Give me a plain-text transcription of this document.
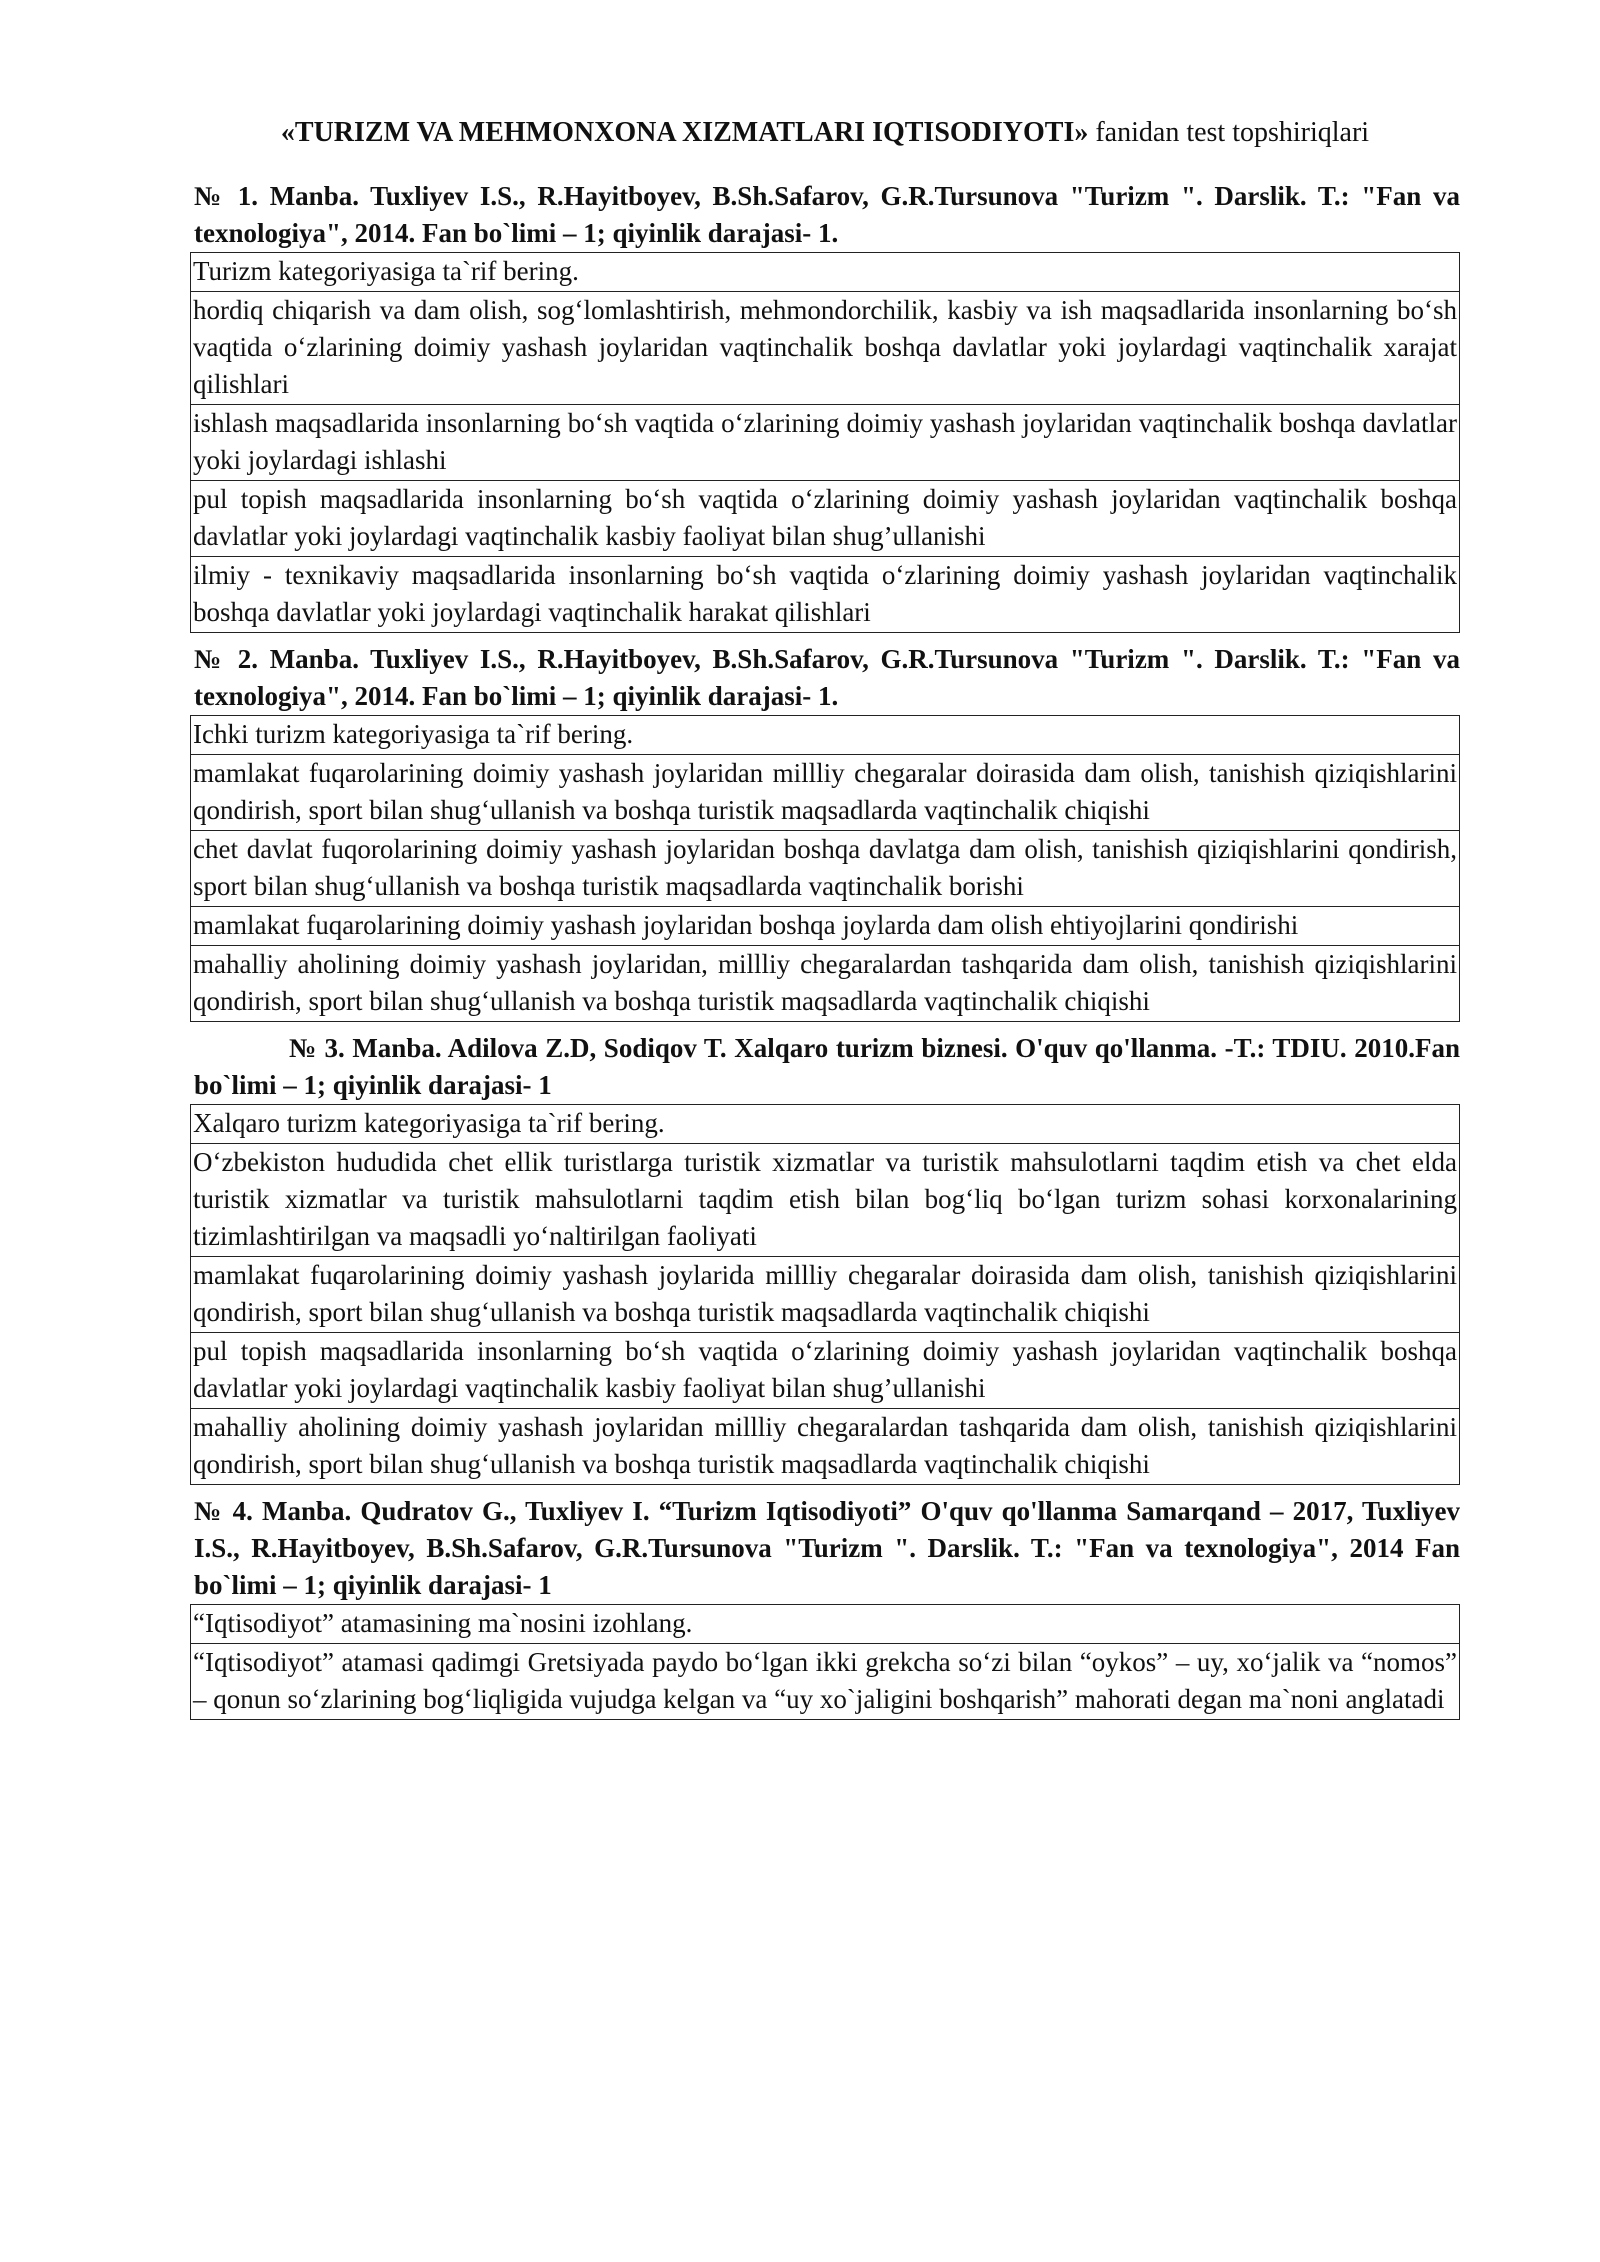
«TURIZM VA MEHMONXONA XIZMATLARI IQTISODIYOTI» fanidan test topshiriqlari

№ 1. Manba. Tuxliyev I.S., R.Hayitboyev, B.Sh.Safarov, G.R.Tursunova "Turizm ". Darslik. T.: "Fan va texnologiya", 2014. Fan bo`limi – 1; qiyinlik darajasi- 1.

Turizm kategoriyasiga ta`rif bering.
hordiq chiqarish va dam olish, sog‘lomlashtirish, mehmondorchilik, kasbiy va ish maqsadlarida insonlarning bo‘sh vaqtida o‘zlarining doimiy yashash joylaridan vaqtinchalik boshqa davlatlar yoki joylardagi vaqtinchalik xarajat qilishlari
ishlash maqsadlarida insonlarning bo‘sh vaqtida o‘zlarining doimiy yashash joylaridan vaqtinchalik boshqa davlatlar yoki joylardagi ishlashi
pul topish maqsadlarida insonlarning bo‘sh vaqtida o‘zlarining doimiy yashash joylaridan vaqtinchalik boshqa davlatlar yoki joylardagi vaqtinchalik kasbiy faoliyat bilan shug’ullanishi
ilmiy - texnikaviy maqsadlarida insonlarning bo‘sh vaqtida o‘zlarining doimiy yashash joylaridan vaqtinchalik boshqa davlatlar yoki joylardagi vaqtinchalik harakat qilishlari

№ 2. Manba. Tuxliyev I.S., R.Hayitboyev, B.Sh.Safarov, G.R.Tursunova "Turizm ". Darslik. T.: "Fan va texnologiya", 2014. Fan bo`limi – 1; qiyinlik darajasi- 1.

Ichki turizm kategoriyasiga ta`rif bering.
mamlakat fuqarolarining doimiy yashash joylaridan millliy chegaralar doirasida dam olish, tanishish qiziqishlarini qondirish, sport bilan shug‘ullanish va boshqa turistik maqsadlarda vaqtinchalik chiqishi
chet davlat fuqorolarining doimiy yashash joylaridan boshqa davlatga dam olish, tanishish qiziqishlarini qondirish, sport bilan shug‘ullanish va boshqa turistik maqsadlarda vaqtinchalik borishi
mamlakat fuqarolarining doimiy yashash joylaridan boshqa joylarda dam olish ehtiyojlarini qondirishi
mahalliy aholining doimiy yashash joylaridan, millliy chegaralardan tashqarida dam olish, tanishish qiziqishlarini qondirish, sport bilan shug‘ullanish va boshqa turistik maqsadlarda vaqtinchalik chiqishi

№ 3. Manba. Adilova Z.D, Sodiqov T. Xalqaro turizm biznesi. O'quv qo'llanma. -T.: TDIU. 2010.Fan bo`limi – 1; qiyinlik darajasi- 1

Xalqaro turizm kategoriyasiga ta`rif bering.
O‘zbekiston hududida chet ellik turistlarga turistik xizmatlar va turistik mahsulotlarni taqdim etish va chet elda turistik xizmatlar va turistik mahsulotlarni taqdim etish bilan bog‘liq bo‘lgan turizm sohasi korxonalarining tizimlashtirilgan va maqsadli yo‘naltirilgan faoliyati
mamlakat fuqarolarining doimiy yashash joylarida millliy chegaralar doirasida dam olish, tanishish qiziqishlarini qondirish, sport bilan shug‘ullanish va boshqa turistik maqsadlarda vaqtinchalik chiqishi
pul topish maqsadlarida insonlarning bo‘sh vaqtida o‘zlarining doimiy yashash joylaridan vaqtinchalik boshqa davlatlar yoki joylardagi vaqtinchalik kasbiy faoliyat bilan shug’ullanishi
mahalliy aholining doimiy yashash joylaridan millliy chegaralardan tashqarida dam olish, tanishish qiziqishlarini qondirish, sport bilan shug‘ullanish va boshqa turistik maqsadlarda vaqtinchalik chiqishi

№ 4. Manba. Qudratov G., Tuxliyev I. “Turizm Iqtisodiyoti” O'quv qo'llanma Samarqand – 2017, Tuxliyev I.S., R.Hayitboyev, B.Sh.Safarov, G.R.Tursunova "Turizm ". Darslik. T.: "Fan va texnologiya", 2014 Fan bo`limi – 1; qiyinlik darajasi- 1

“Iqtisodiyot” atamasining ma`nosini izohlang.
“Iqtisodiyot” atamasi qadimgi Gretsiyada paydo bo‘lgan ikki grekcha so‘zi bilan “oykos” – uy, xo‘jalik va “nomos” – qonun so‘zlarining bog‘liqligida vujudga kelgan va “uy xo`jaligini boshqarish” mahorati degan ma`noni anglatadi
